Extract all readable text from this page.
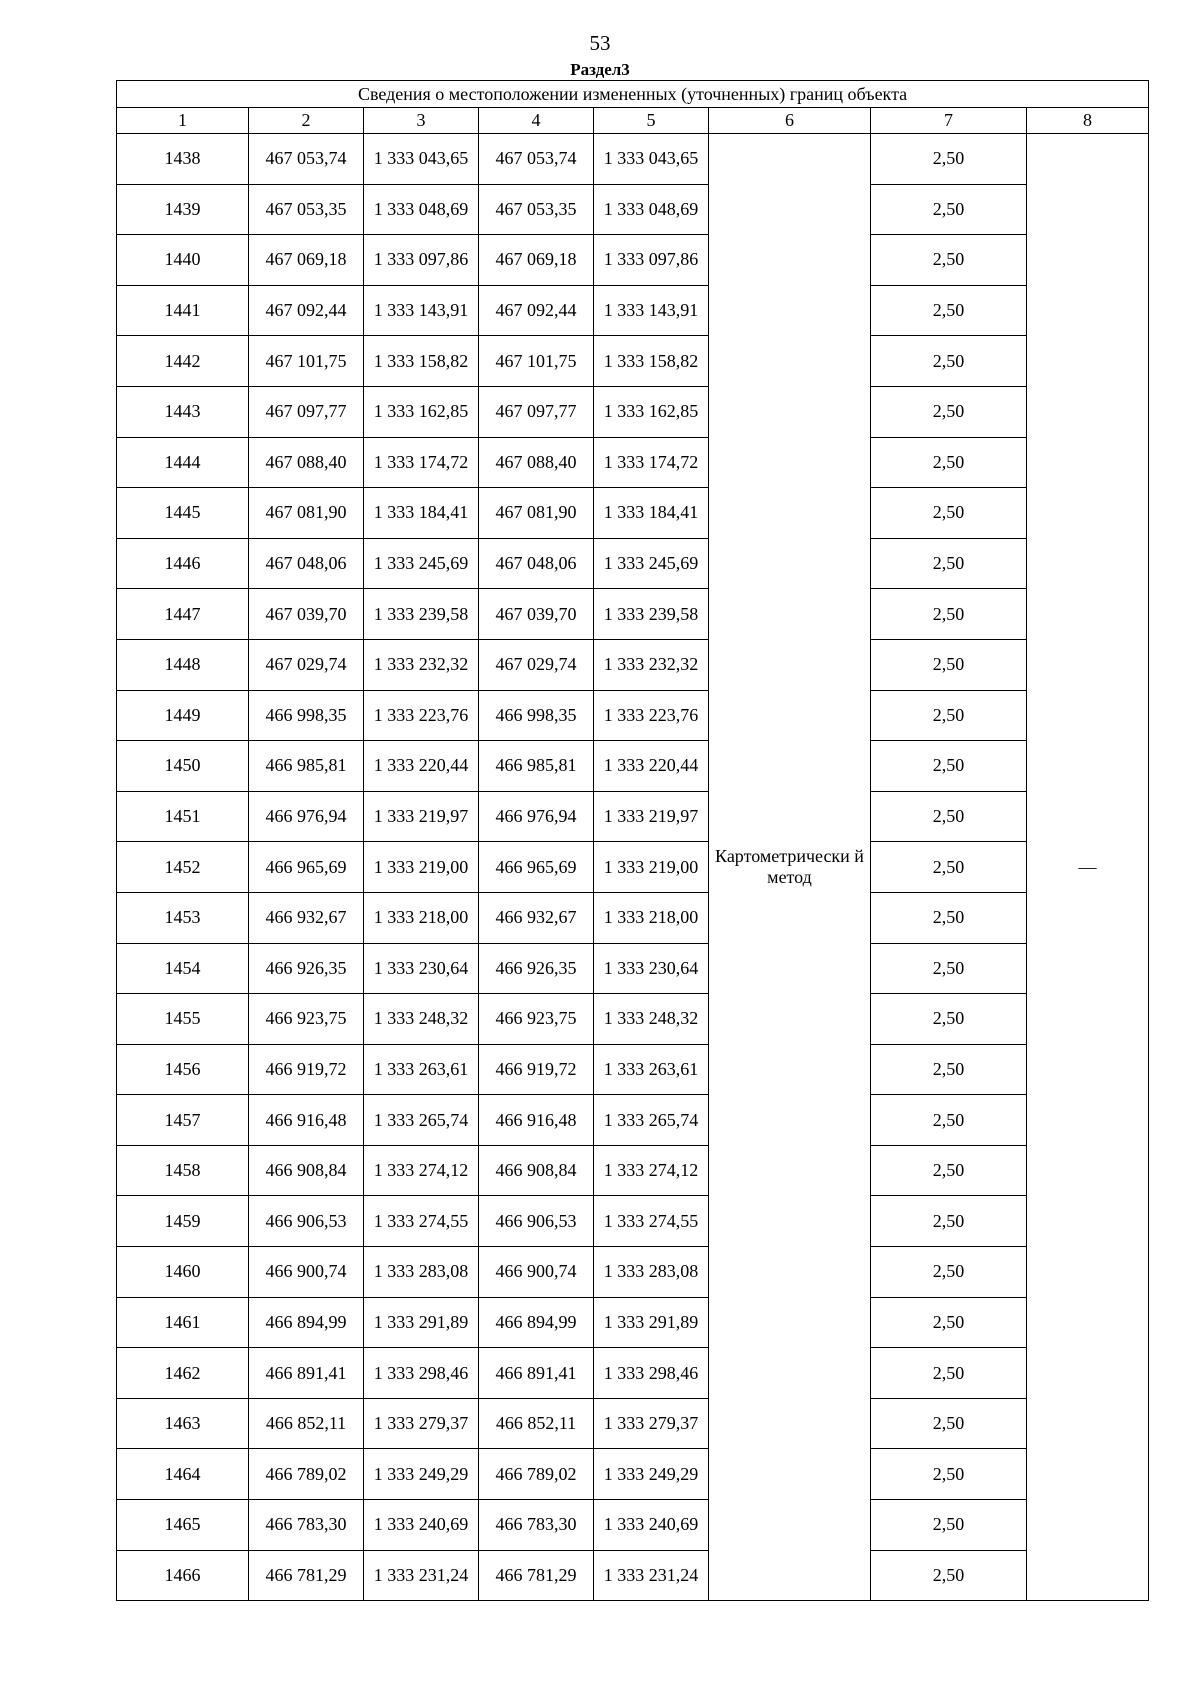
53
Раздел3
Сведения о местоположении измененных (уточненных) границ объекта							
1	2	3	4	5	6	7	8
1438	467 053,74	1 333 043,65	467 053,74	1 333 043,65	Картометрически й метод	2,50	—
1439	467 053,35	1 333 048,69	467 053,35	1 333 048,69		2,50	
1440	467 069,18	1 333 097,86	467 069,18	1 333 097,86		2,50	
1441	467 092,44	1 333 143,91	467 092,44	1 333 143,91		2,50	
1442	467 101,75	1 333 158,82	467 101,75	1 333 158,82		2,50	
1443	467 097,77	1 333 162,85	467 097,77	1 333 162,85		2,50	
1444	467 088,40	1 333 174,72	467 088,40	1 333 174,72		2,50	
1445	467 081,90	1 333 184,41	467 081,90	1 333 184,41		2,50	
1446	467 048,06	1 333 245,69	467 048,06	1 333 245,69		2,50	
1447	467 039,70	1 333 239,58	467 039,70	1 333 239,58		2,50	
1448	467 029,74	1 333 232,32	467 029,74	1 333 232,32		2,50	
1449	466 998,35	1 333 223,76	466 998,35	1 333 223,76		2,50	
1450	466 985,81	1 333 220,44	466 985,81	1 333 220,44		2,50	
1451	466 976,94	1 333 219,97	466 976,94	1 333 219,97		2,50	
1452	466 965,69	1 333 219,00	466 965,69	1 333 219,00		2,50	
1453	466 932,67	1 333 218,00	466 932,67	1 333 218,00		2,50	
1454	466 926,35	1 333 230,64	466 926,35	1 333 230,64		2,50	
1455	466 923,75	1 333 248,32	466 923,75	1 333 248,32		2,50	
1456	466 919,72	1 333 263,61	466 919,72	1 333 263,61		2,50	
1457	466 916,48	1 333 265,74	466 916,48	1 333 265,74		2,50	
1458	466 908,84	1 333 274,12	466 908,84	1 333 274,12		2,50	
1459	466 906,53	1 333 274,55	466 906,53	1 333 274,55		2,50	
1460	466 900,74	1 333 283,08	466 900,74	1 333 283,08		2,50	
1461	466 894,99	1 333 291,89	466 894,99	1 333 291,89		2,50	
1462	466 891,41	1 333 298,46	466 891,41	1 333 298,46		2,50	
1463	466 852,11	1 333 279,37	466 852,11	1 333 279,37		2,50	
1464	466 789,02	1 333 249,29	466 789,02	1 333 249,29		2,50	
1465	466 783,30	1 333 240,69	466 783,30	1 333 240,69		2,50	
1466	466 781,29	1 333 231,24	466 781,29	1 333 231,24		2,50	
